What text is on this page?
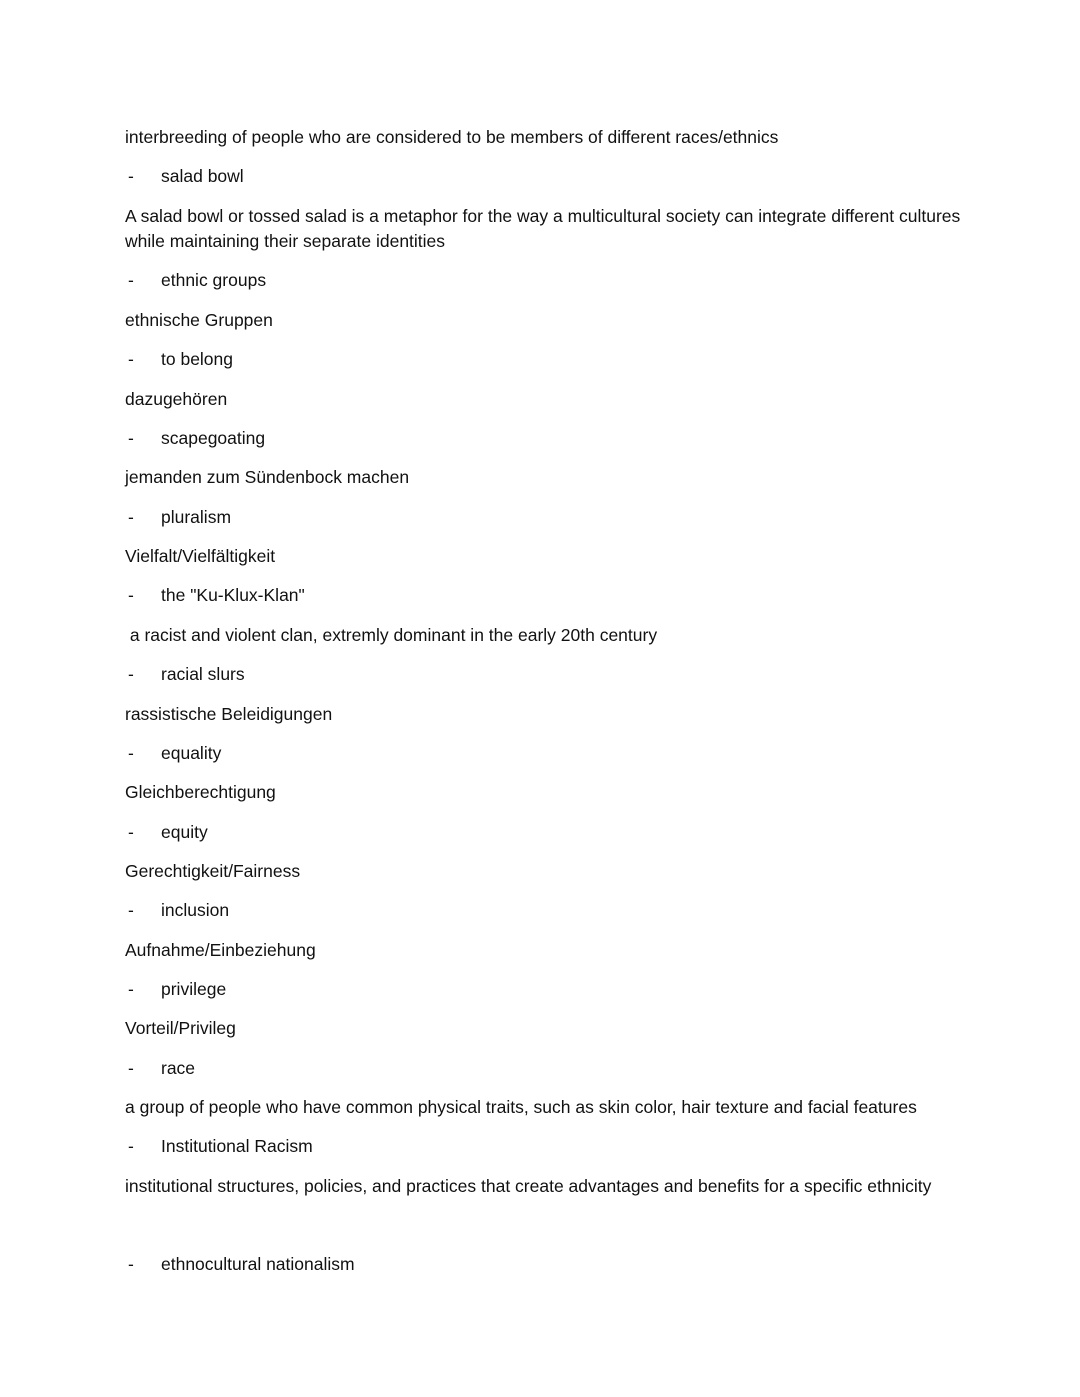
interbreeding of people who are considered to be members of different races/ethnics
- salad bowl
A salad bowl or tossed salad is a metaphor for the way a multicultural society can integrate different cultures while maintaining their separate identities
- ethnic groups
ethnische Gruppen
- to belong
dazugehören
- scapegoating
jemanden zum Sündenbock machen
- pluralism
Vielfalt/Vielfältigkeit
- the "Ku-Klux-Klan"
a racist and violent clan, extremly dominant in the early 20th century
- racial slurs
rassistische Beleidigungen
- equality
Gleichberechtigung
- equity
Gerechtigkeit/Fairness
- inclusion
Aufnahme/Einbeziehung
- privilege
Vorteil/Privileg
- race
a group of people who have common physical traits, such as skin color, hair texture and facial features
- Institutional Racism
institutional structures, policies, and practices that create advantages and benefits for a specific ethnicity
- ethnocultural nationalism
